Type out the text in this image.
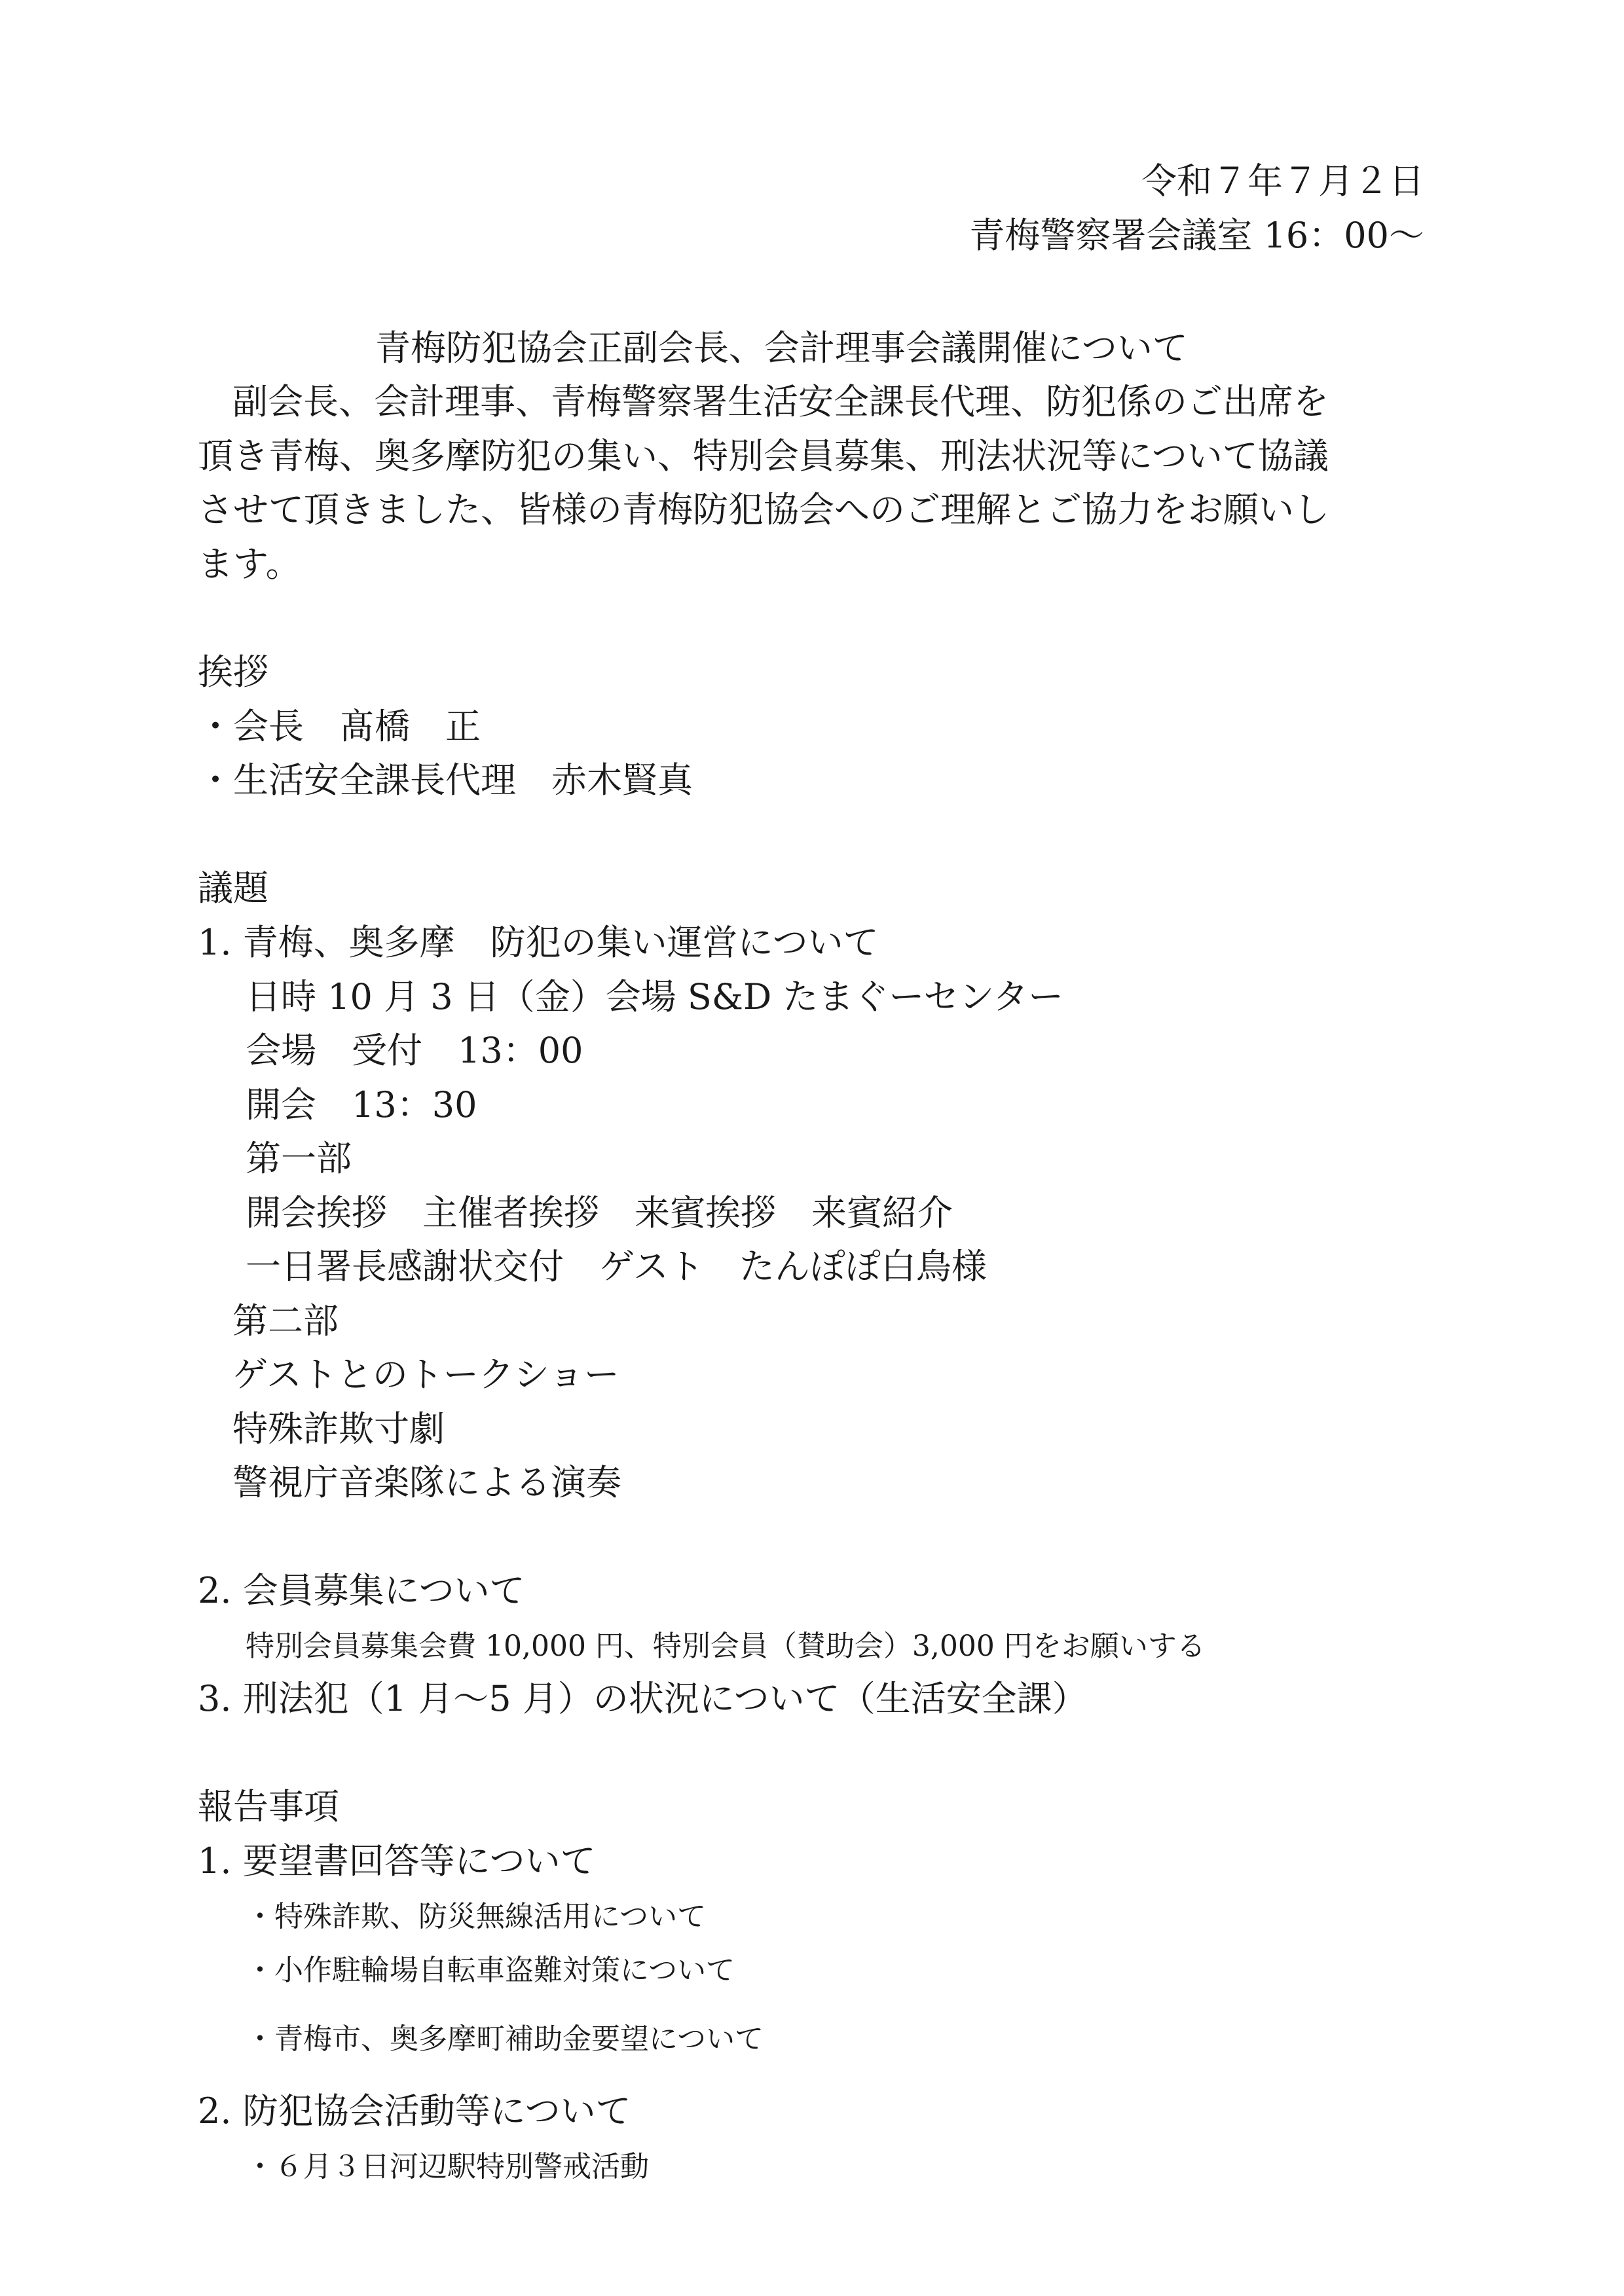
令和７年７月２日
青梅警察署会議室 16：00～
青梅防犯協会正副会長、会計理事会議開催について
副会長、会計理事、青梅警察署生活安全課長代理、防犯係のご出席を
頂き青梅、奥多摩防犯の集い、特別会員募集、刑法状況等について協議
させて頂きました、皆様の青梅防犯協会へのご理解とご協力をお願いし
ます。
挨拶
・会長　髙橋　正
・生活安全課長代理　赤木賢真
議題
1. 青梅、奥多摩　防犯の集い運営について
日時 10 月 3 日（金）会場 S&D たまぐーセンター
会場　受付　13：00
開会　13：30
第一部
開会挨拶　主催者挨拶　来賓挨拶　来賓紹介
一日署長感謝状交付　ゲスト　たんぽぽ白鳥様
第二部
ゲストとのトークショー
特殊詐欺寸劇
警視庁音楽隊による演奏
2. 会員募集について
特別会員募集会費 10,000 円、特別会員（賛助会）3,000 円をお願いする
3. 刑法犯（1 月～5 月）の状況について（生活安全課）
報告事項
1. 要望書回答等について
・特殊詐欺、防災無線活用について
・小作駐輪場自転車盗難対策について
・青梅市、奥多摩町補助金要望について
2. 防犯協会活動等について
・６月３日河辺駅特別警戒活動
